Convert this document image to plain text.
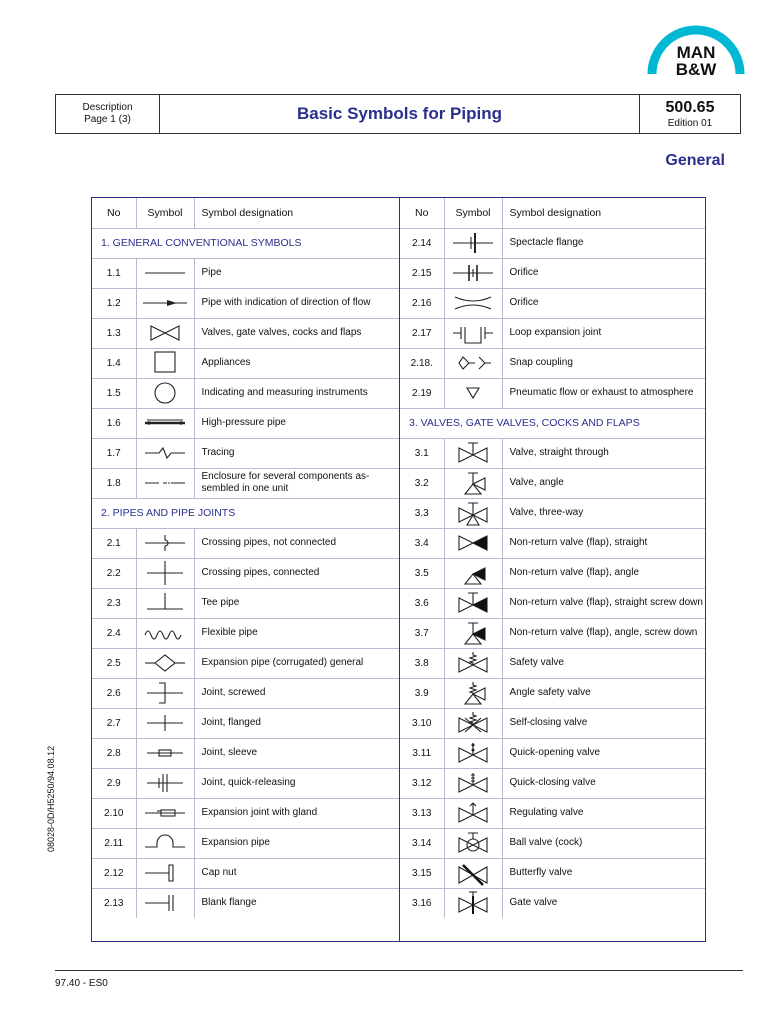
MAN
B&W
Description
Page 1 (3)	Basic Symbols for Piping	500.65
Edition 01
General
No	Symbol	Symbol designation
1. GENERAL CONVENTIONAL SYMBOLS		
1.1		Pipe
1.2		Pipe with indication of direction of flow
1.3		Valves, gate valves, cocks and flaps
1.4		Appliances
1.5		Indicating and measuring instruments
1.6		High-pressure pipe
1.7		Tracing
1.8		Enclosure for several components as-sembled in one unit
2. PIPES AND PIPE JOINTS		
2.1		Crossing pipes, not connected
2.2		Crossing pipes, connected
2.3		Tee pipe
2.4		Flexible pipe
2.5		Expansion pipe (corrugated) general
2.6		Joint, screwed
2.7		Joint, flanged
2.8		Joint, sleeve
2.9		Joint, quick-releasing
2.10		Expansion joint with gland
2.11		Expansion pipe
2.12		Cap nut
2.13		Blank flange
No	Symbol	Symbol designation
2.14		Spectacle flange
2.15		Orifice
2.16		Orifice
2.17		Loop expansion joint
2.18.		Snap coupling
2.19		Pneumatic flow or exhaust to atmosphere
3. VALVES, GATE VALVES, COCKS AND FLAPS		
3.1		Valve, straight through
3.2		Valve, angle
3.3		Valve, three-way
3.4		Non-return valve (flap), straight
3.5		Non-return valve (flap), angle
3.6		Non-return valve (flap), straight screw down
3.7		Non-return valve (flap), angle, screw down
3.8		Safety valve
3.9		Angle safety valve
3.10		Self-closing valve
3.11		Quick-opening valve
3.12		Quick-closing valve
3.13		Regulating valve
3.14		Ball valve (cock)
3.15		Butterfly valve
3.16		Gate valve
08028-0D/H5250/94.08.12
97.40 - ES0
